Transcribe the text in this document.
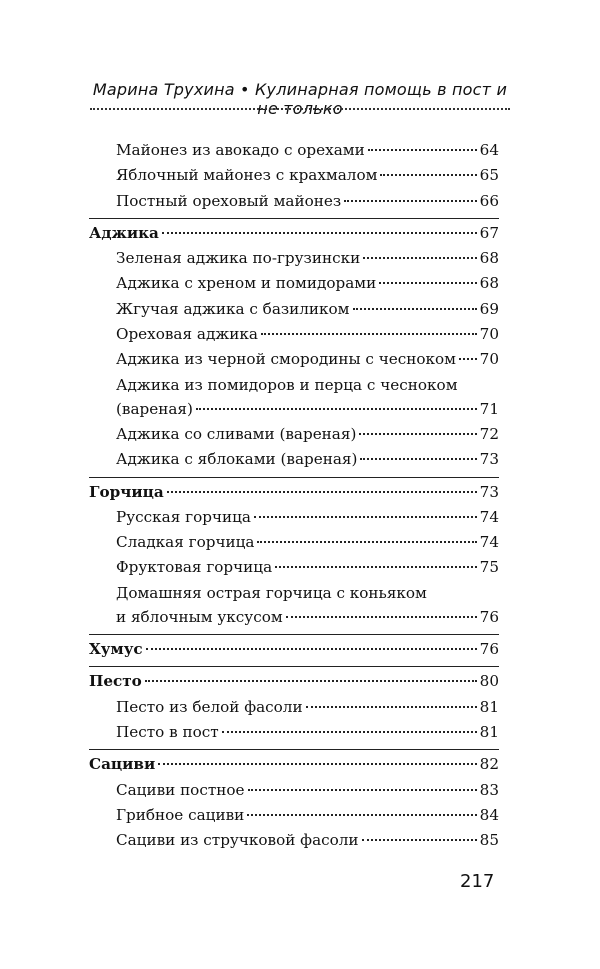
Марина Трухина • Кулинарная помощь в пост и не только
Майонез из авокадо с орехами	64
Яблочный майонез с крахмалом	65
Постный ореховый майонез	66
Аджика	67
Зеленая аджика по-грузински	68
Аджика с хреном и помидорами	68
Жгучая аджика с базиликом	69
Ореховая аджика	70
Аджика из черной смородины с чесноком 70
Аджика из помидоров и перца с чесноком
(вареная)	71
Аджика со сливами (вареная)	72
Аджика с яблоками (вареная)	73
Горчица	73
Русская горчица	74
Сладкая горчица	74
Фруктовая горчица	75
Домашняя острая горчица с коньяком
и яблочным уксусом	76
Хумус	76
Песто	80
Песто из белой фасоли	81
Песто в пост	81
Сациви	82
Сациви постное	83
Грибное сациви	84
Сациви из стручковой фасоли	85
217
